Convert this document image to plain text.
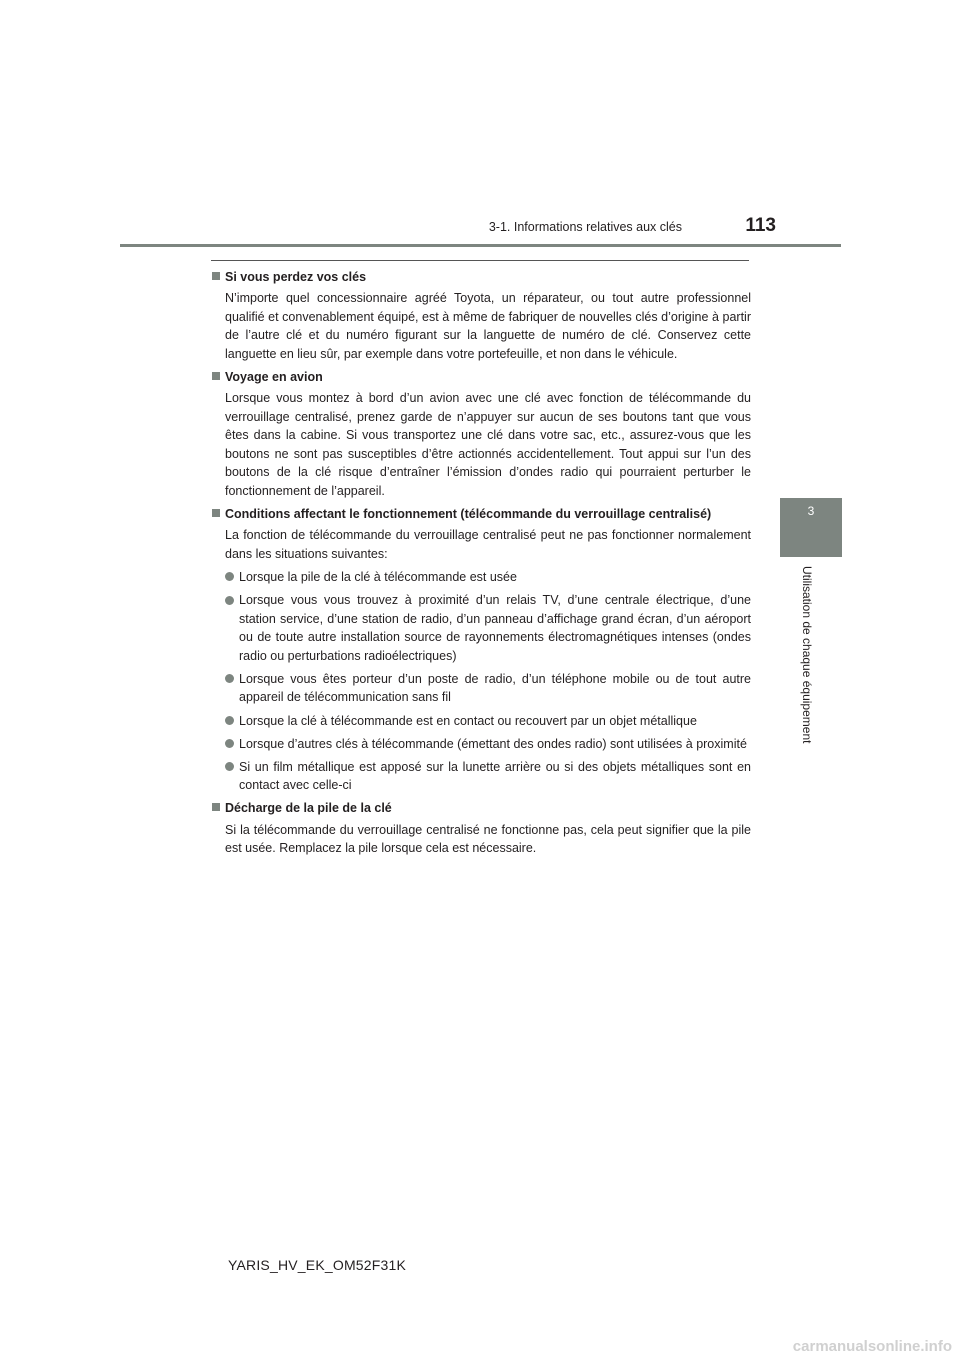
3-1. Informations relatives aux clés	113
3
Utilisation de chaque équipement
Si vous perdez vos clés

N’importe quel concessionnaire agréé Toyota, un réparateur, ou tout autre professionnel qualifié et convenablement équipé, est à même de fabriquer de nouvelles clés d’origine à partir de l’autre clé et du numéro figurant sur la languette de numéro de clé. Conservez cette languette en lieu sûr, par exemple dans votre portefeuille, et non dans le véhicule.

Voyage en avion

Lorsque vous montez à bord d’un avion avec une clé avec fonction de télécommande du verrouillage centralisé, prenez garde de n’appuyer sur aucun de ses boutons tant que vous êtes dans la cabine. Si vous transportez une clé dans votre sac, etc., assurez-vous que les boutons ne sont pas susceptibles d’être actionnés accidentellement. Tout appui sur l’un des boutons de la clé risque d’entraîner l’émission d’ondes radio qui pourraient perturber le fonctionnement de l’appareil.

Conditions affectant le fonctionnement (télécommande du verrouillage centralisé)

La fonction de télécommande du verrouillage centralisé peut ne pas fonctionner normalement dans les situations suivantes:

Lorsque la pile de la clé à télécommande est usée
Lorsque vous vous trouvez à proximité d’un relais TV, d’une centrale électrique, d’une station service, d’une station de radio, d’un panneau d’affichage grand écran, d’un aéroport ou de toute autre installation source de rayonnements électromagnétiques intenses (ondes radio ou perturbations radioélectriques)
Lorsque vous êtes porteur d’un poste de radio, d’un téléphone mobile ou de tout autre appareil de télécommunication sans fil
Lorsque la clé à télécommande est en contact ou recouvert par un objet métallique
Lorsque d’autres clés à télécommande (émettant des ondes radio) sont utilisées à proximité
Si un film métallique est apposé sur la lunette arrière ou si des objets métalliques sont en contact avec celle-ci
Décharge de la pile de la clé

Si la télécommande du verrouillage centralisé ne fonctionne pas, cela peut signifier que la pile est usée. Remplacez la pile lorsque cela est nécessaire.

YARIS_HV_EK_OM52F31K
carmanualsonline.info
